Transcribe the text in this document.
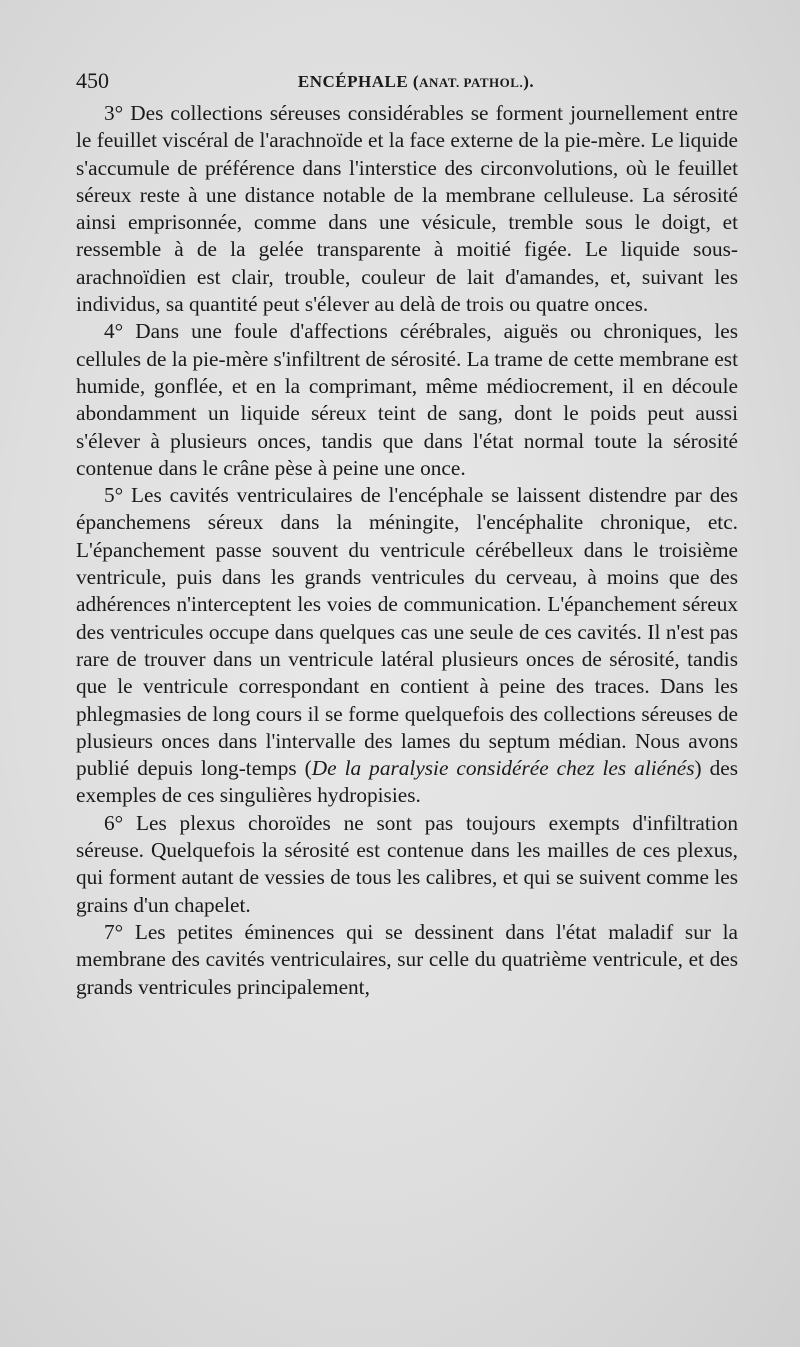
450	ENCÉPHALE (ANAT. PATHOL.).

3° Des collections séreuses considérables se forment journellement entre le feuillet viscéral de l'arachnoïde et la face externe de la pie-mère. Le liquide s'accumule de préférence dans l'interstice des circonvolutions, où le feuillet séreux reste à une distance notable de la membrane celluleuse. La sérosité ainsi emprisonnée, comme dans une vésicule, tremble sous le doigt, et ressemble à de la gelée transparente à moitié figée. Le liquide sous-arachnoïdien est clair, trouble, couleur de lait d'amandes, et, suivant les individus, sa quantité peut s'élever au delà de trois ou quatre onces.

4° Dans une foule d'affections cérébrales, aiguës ou chroniques, les cellules de la pie-mère s'infiltrent de sérosité. La trame de cette membrane est humide, gonflée, et en la comprimant, même médiocrement, il en découle abondamment un liquide séreux teint de sang, dont le poids peut aussi s'élever à plusieurs onces, tandis que dans l'état normal toute la sérosité contenue dans le crâne pèse à peine une once.

5° Les cavités ventriculaires de l'encéphale se laissent distendre par des épanchemens séreux dans la méningite, l'encéphalite chronique, etc. L'épanchement passe souvent du ventricule cérébelleux dans le troisième ventricule, puis dans les grands ventricules du cerveau, à moins que des adhérences n'interceptent les voies de communication. L'épanchement séreux des ventricules occupe dans quelques cas une seule de ces cavités. Il n'est pas rare de trouver dans un ventricule latéral plusieurs onces de sérosité, tandis que le ventricule correspondant en contient à peine des traces. Dans les phlegmasies de long cours il se forme quelquefois des collections séreuses de plusieurs onces dans l'intervalle des lames du septum médian. Nous avons publié depuis long-temps (De la paralysie considérée chez les aliénés) des exemples de ces singulières hydropisies.

6° Les plexus choroïdes ne sont pas toujours exempts d'infiltration séreuse. Quelquefois la sérosité est contenue dans les mailles de ces plexus, qui forment autant de vessies de tous les calibres, et qui se suivent comme les grains d'un chapelet.

7° Les petites éminences qui se dessinent dans l'état maladif sur la membrane des cavités ventriculaires, sur celle du quatrième ventricule, et des grands ventricules principalement,
